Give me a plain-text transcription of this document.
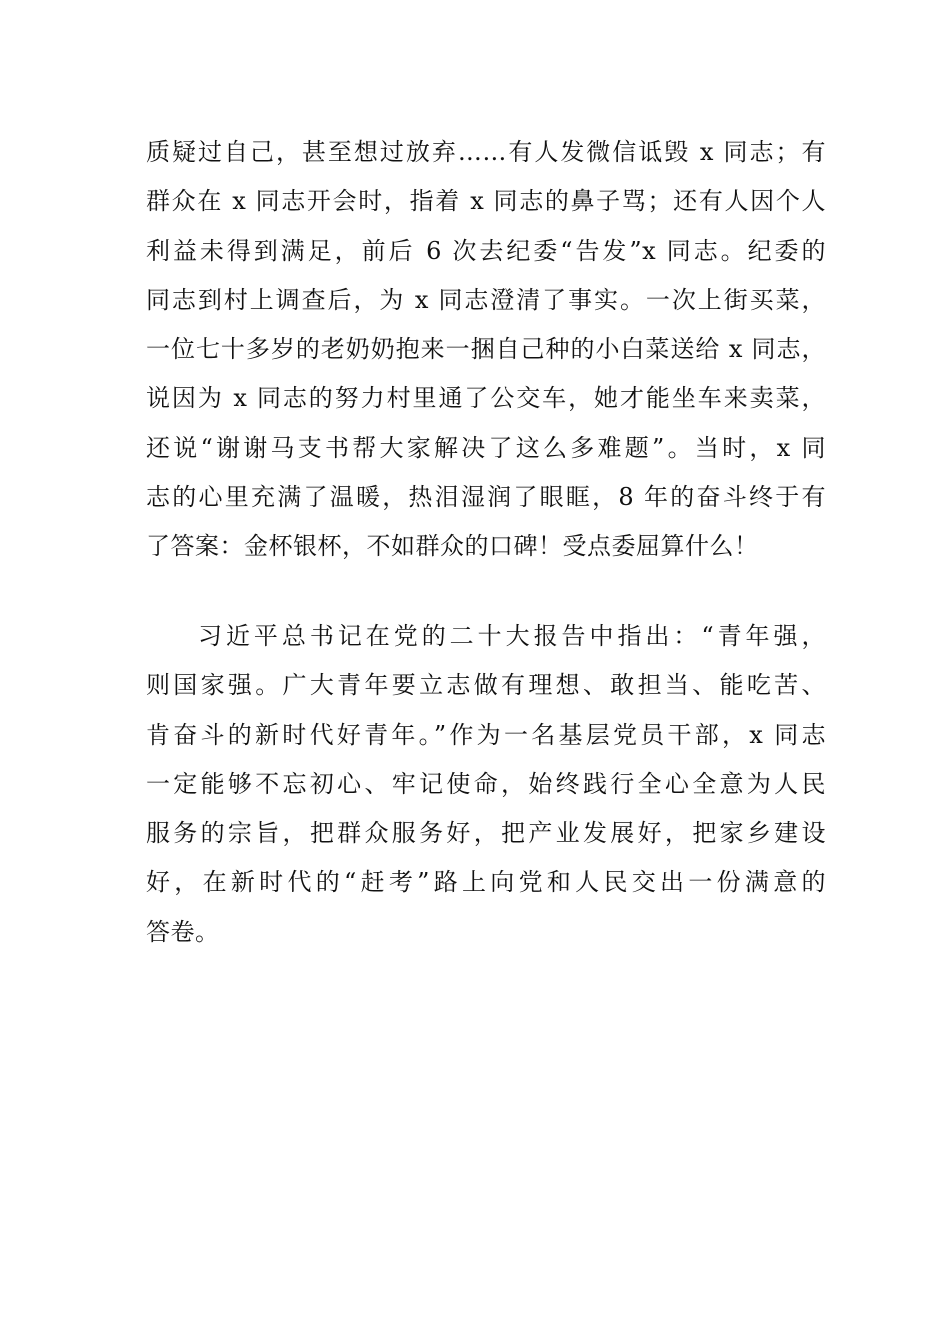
质疑过自己，甚至想过放弃……有人发微信诋毁 x 同志；有
群众在 x 同志开会时，指着 x 同志的鼻子骂；还有人因个人
利益未得到满足，前后 6 次去纪委“告发”x 同志。纪委的
同志到村上调查后，为 x 同志澄清了事实。一次上街买菜，
一位七十多岁的老奶奶抱来一捆自己种的小白菜送给 x 同志，
说因为 x 同志的努力村里通了公交车，她才能坐车来卖菜，
还说“谢谢马支书帮大家解决了这么多难题”。当时，x 同
志的心里充满了温暖，热泪湿润了眼眶，8 年的奋斗终于有
了答案：金杯银杯，不如群众的口碑！受点委屈算什么！
习近平总书记在党的二十大报告中指出：“青年强，
则国家强。广大青年要立志做有理想、敢担当、能吃苦、
肯奋斗的新时代好青年。”作为一名基层党员干部，x 同志
一定能够不忘初心、牢记使命，始终践行全心全意为人民
服务的宗旨，把群众服务好，把产业发展好，把家乡建设
好，在新时代的“赶考”路上向党和人民交出一份满意的
答卷。
